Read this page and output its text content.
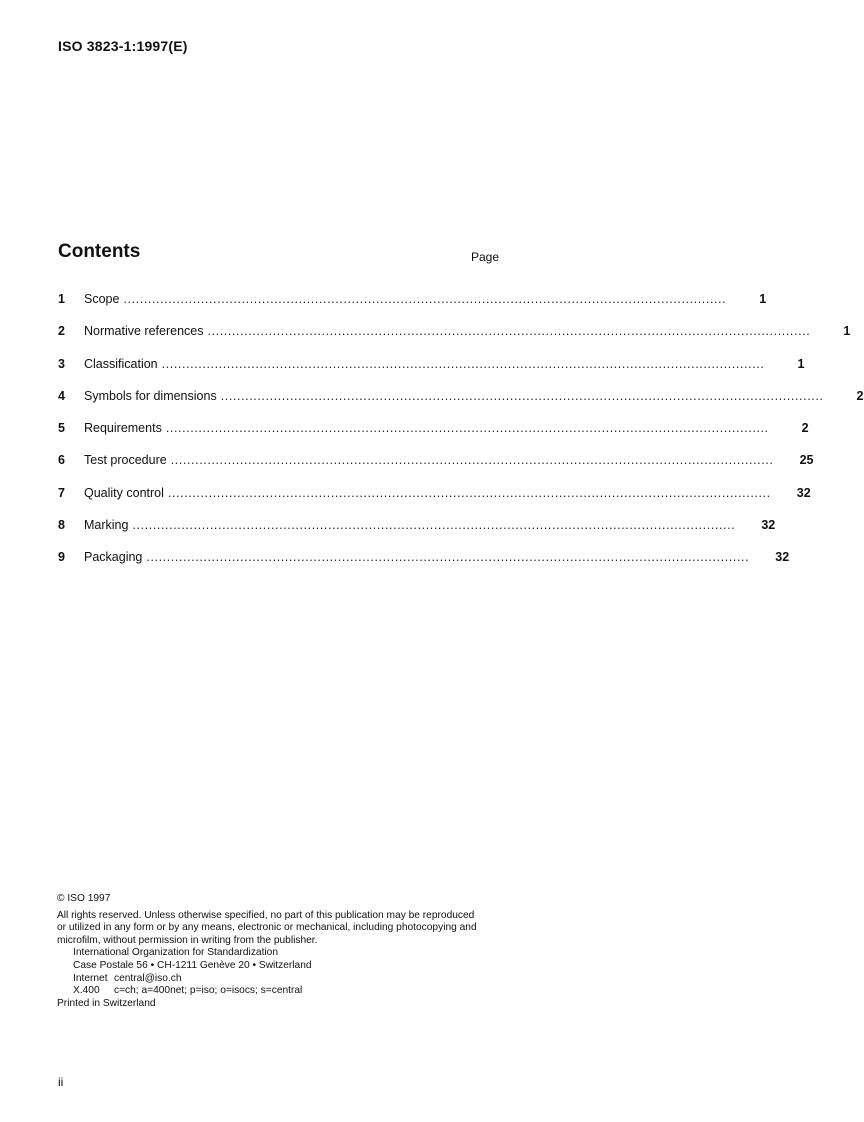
ISO 3823-1:1997(E)
Contents	Page
1	Scope ....................................................................................................................................................	1
2	Normative references ....................................................................................................................................................	1
3	Classification ....................................................................................................................................................	1
4	Symbols for dimensions ....................................................................................................................................................	2
5	Requirements ....................................................................................................................................................	2
6	Test procedure ....................................................................................................................................................	25
7	Quality control ....................................................................................................................................................	32
8	Marking ....................................................................................................................................................	32
9	Packaging ....................................................................................................................................................	32
© ISO 1997
All rights reserved. Unless otherwise specified, no part of this publication may be reproduced
or utilized in any form or by any means, electronic or mechanical, including photocopying and
microfilm, without permission in writing from the publisher.
International Organization for Standardization
Case Postale 56 • CH-1211 Genève 20 • Switzerland
Internet central@iso.ch
X.400	c=ch; a=400net; p=iso; o=isocs; s=central
Printed in Switzerland
ii
